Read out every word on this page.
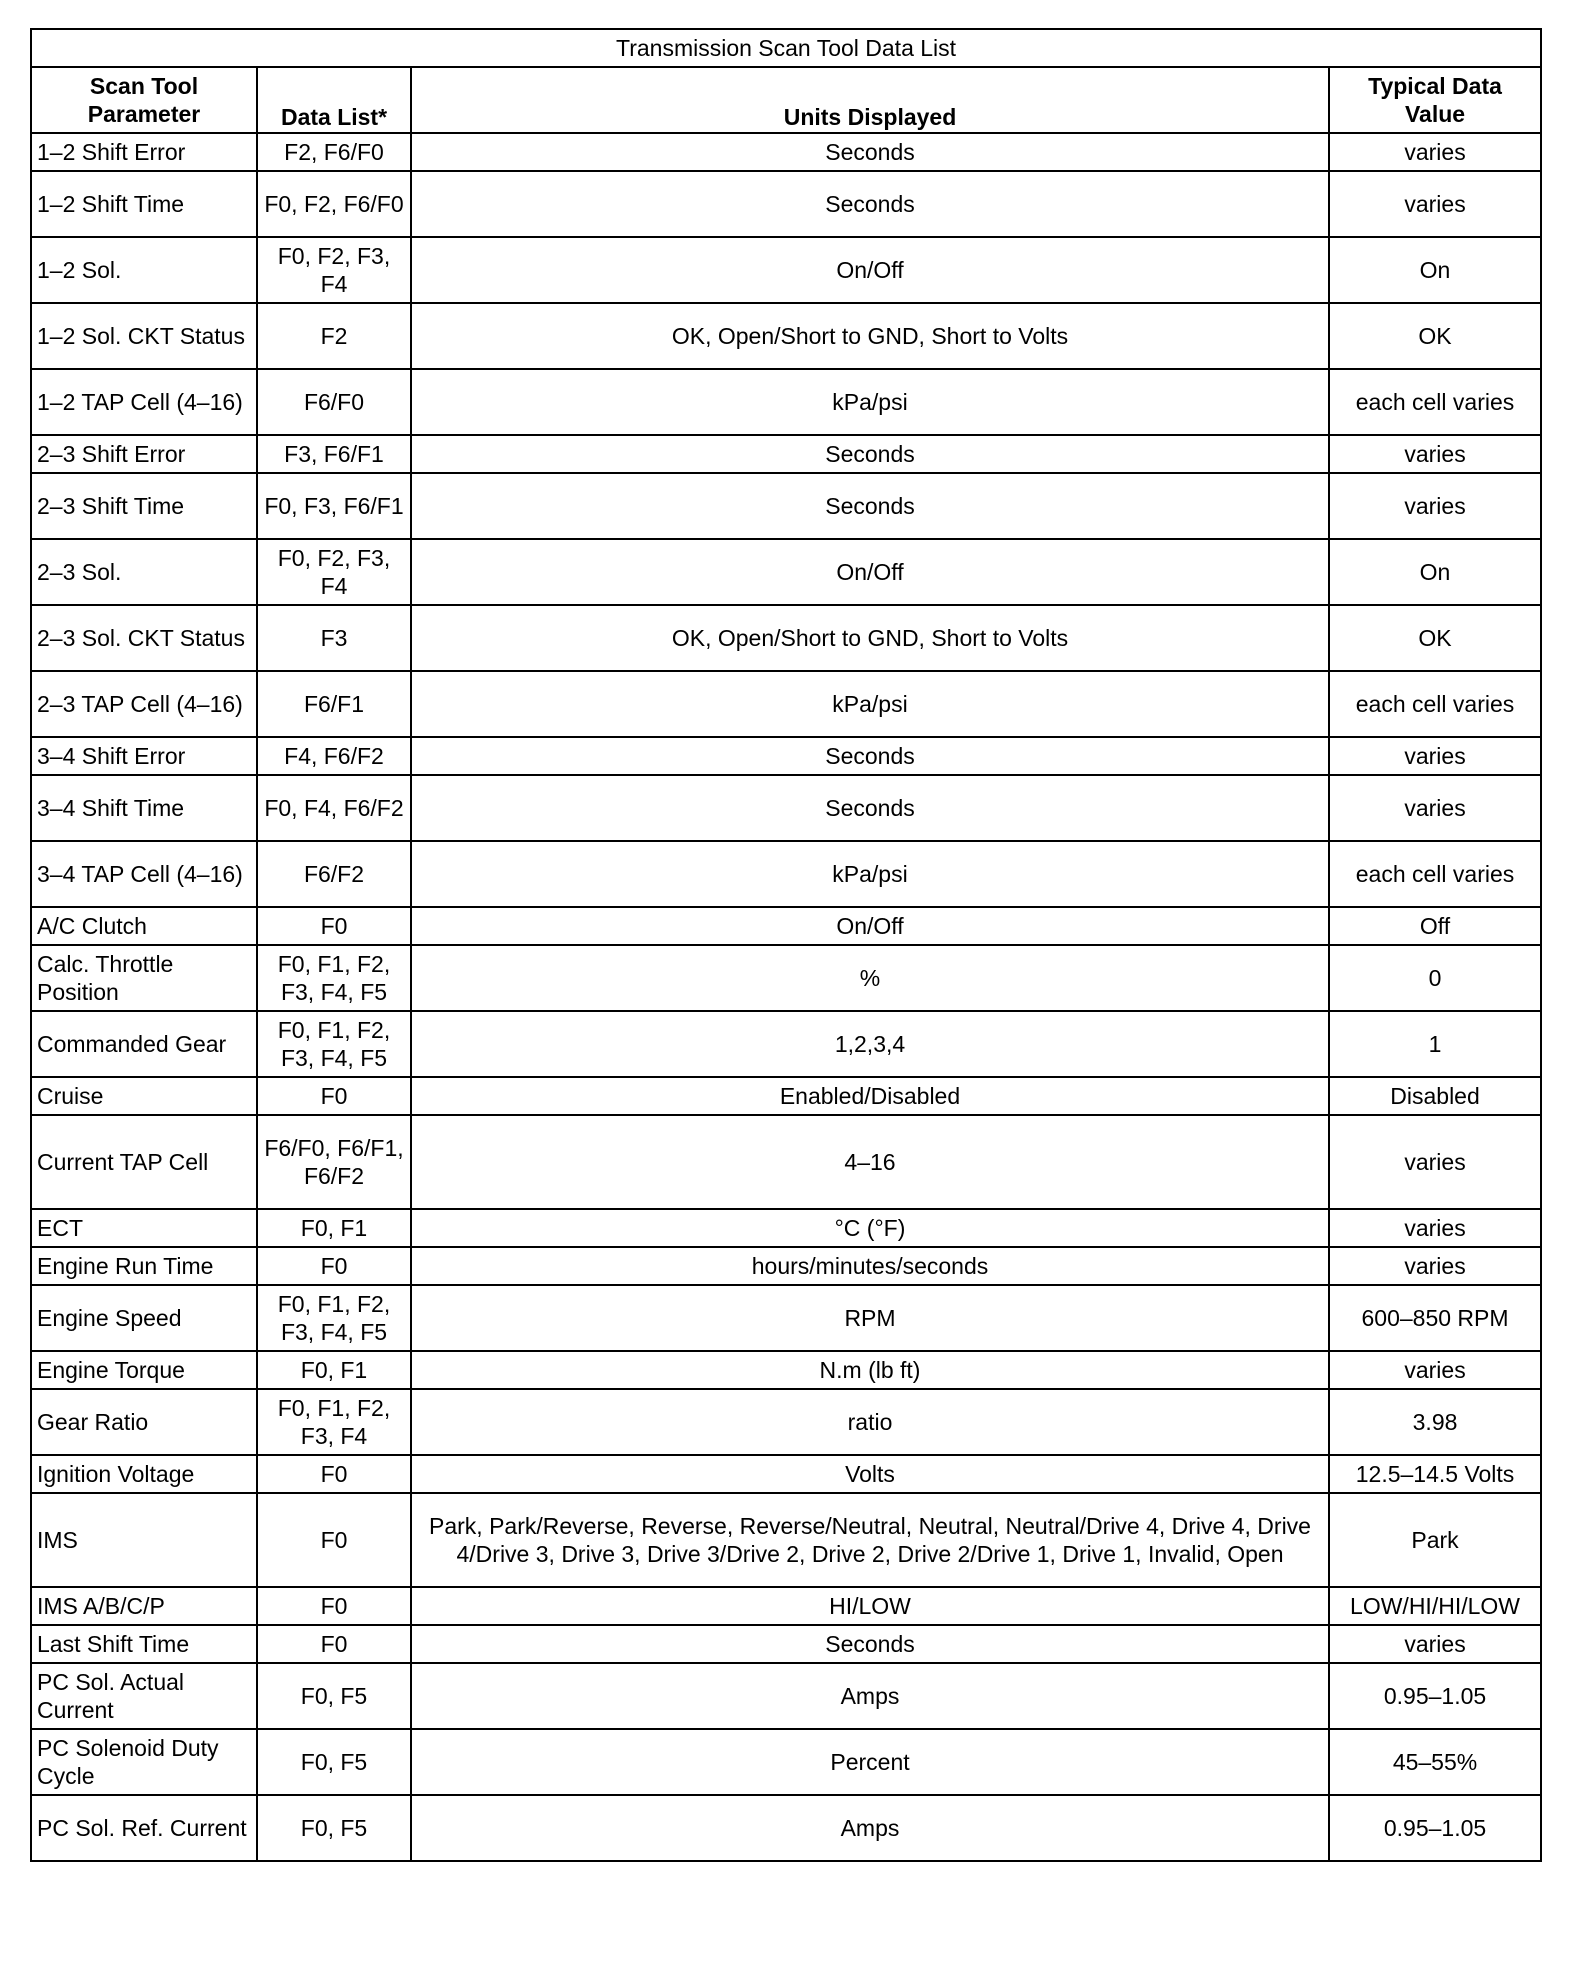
Transmission Scan Tool Data List			
Scan Tool Parameter	Data List*	Units Displayed	Typical Data Value
1–2 Shift Error	F2, F6/F0	Seconds	varies
1–2 Shift Time	F0, F2, F6/F0	Seconds	varies
1–2 Sol.	F0, F2, F3, F4	On/Off	On
1–2 Sol. CKT Status	F2	OK, Open/Short to GND, Short to Volts	OK
1–2 TAP Cell (4–16)	F6/F0	kPa/psi	each cell varies
2–3 Shift Error	F3, F6/F1	Seconds	varies
2–3 Shift Time	F0, F3, F6/F1	Seconds	varies
2–3 Sol.	F0, F2, F3, F4	On/Off	On
2–3 Sol. CKT Status	F3	OK, Open/Short to GND, Short to Volts	OK
2–3 TAP Cell (4–16)	F6/F1	kPa/psi	each cell varies
3–4 Shift Error	F4, F6/F2	Seconds	varies
3–4 Shift Time	F0, F4, F6/F2	Seconds	varies
3–4 TAP Cell (4–16)	F6/F2	kPa/psi	each cell varies
A/C Clutch	F0	On/Off	Off
Calc. Throttle Position	F0, F1, F2, F3, F4, F5	%	0
Commanded Gear	F0, F1, F2, F3, F4, F5	1,2,3,4	1
Cruise	F0	Enabled/Disabled	Disabled
Current TAP Cell	F6/F0, F6/F1, F6/F2	4–16	varies
ECT	F0, F1	°C (°F)	varies
Engine Run Time	F0	hours/minutes/seconds	varies
Engine Speed	F0, F1, F2, F3, F4, F5	RPM	600–850 RPM
Engine Torque	F0, F1	N.m (lb ft)	varies
Gear Ratio	F0, F1, F2, F3, F4	ratio	3.98
Ignition Voltage	F0	Volts	12.5–14.5 Volts
IMS	F0	Park, Park/Reverse, Reverse, Reverse/Neutral, Neutral, Neutral/Drive 4, Drive 4, Drive 4/Drive 3, Drive 3, Drive 3/Drive 2, Drive 2, Drive 2/Drive 1, Drive 1, Invalid, Open	Park
IMS A/B/C/P	F0	HI/LOW	LOW/HI/HI/LOW
Last Shift Time	F0	Seconds	varies
PC Sol. Actual Current	F0, F5	Amps	0.95–1.05
PC Solenoid Duty Cycle	F0, F5	Percent	45–55%
PC Sol. Ref. Current	F0, F5	Amps	0.95–1.05
